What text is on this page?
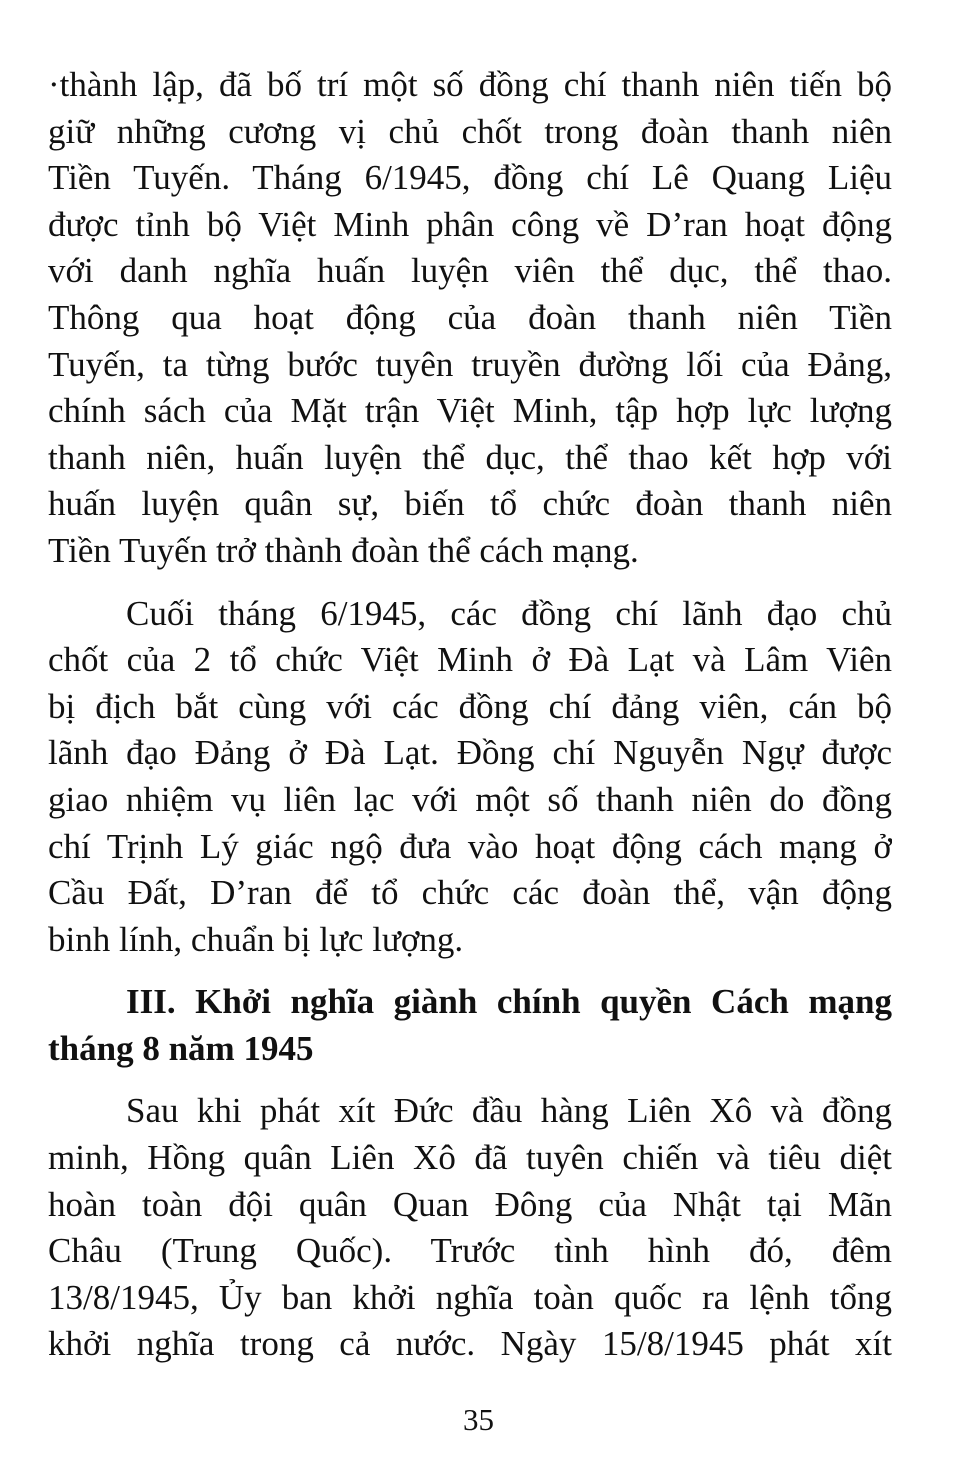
·thành lập, đã bố trí một số đồng chí thanh niên tiến bộ
giữ những cương vị chủ chốt trong đoàn thanh niên
Tiền Tuyến. Tháng 6/1945, đồng chí Lê Quang Liệu
được tỉnh bộ Việt Minh phân công về D’ran hoạt động
với danh nghĩa huấn luyện viên thể dục, thể thao.
Thông qua hoạt động của đoàn thanh niên Tiền
Tuyến, ta từng bước tuyên truyền đường lối của Đảng,
chính sách của Mặt trận Việt Minh, tập hợp lực lượng
thanh niên, huấn luyện thể dục, thể thao kết hợp với
huấn luyện quân sự, biến tổ chức đoàn thanh niên
Tiền Tuyến trở thành đoàn thể cách mạng.
Cuối tháng 6/1945, các đồng chí lãnh đạo chủ
chốt của 2 tổ chức Việt Minh ở Đà Lạt và Lâm Viên
bị địch bắt cùng với các đồng chí đảng viên, cán bộ
lãnh đạo Đảng ở Đà Lạt. Đồng chí Nguyễn Ngự được
giao nhiệm vụ liên lạc với một số thanh niên do đồng
chí Trịnh Lý giác ngộ đưa vào hoạt động cách mạng ở
Cầu Đất, D’ran để tổ chức các đoàn thể, vận động
binh lính, chuẩn bị lực lượng.
III. Khởi nghĩa giành chính quyền Cách mạng
tháng 8 năm 1945
Sau khi phát xít Đức đầu hàng Liên Xô và đồng
minh, Hồng quân Liên Xô đã tuyên chiến và tiêu diệt
hoàn toàn đội quân Quan Đông của Nhật tại Mãn
Châu (Trung Quốc). Trước tình hình đó, đêm
13/8/1945, Ủy ban khởi nghĩa toàn quốc ra lệnh tổng
khởi nghĩa trong cả nước. Ngày 15/8/1945 phát xít
35
